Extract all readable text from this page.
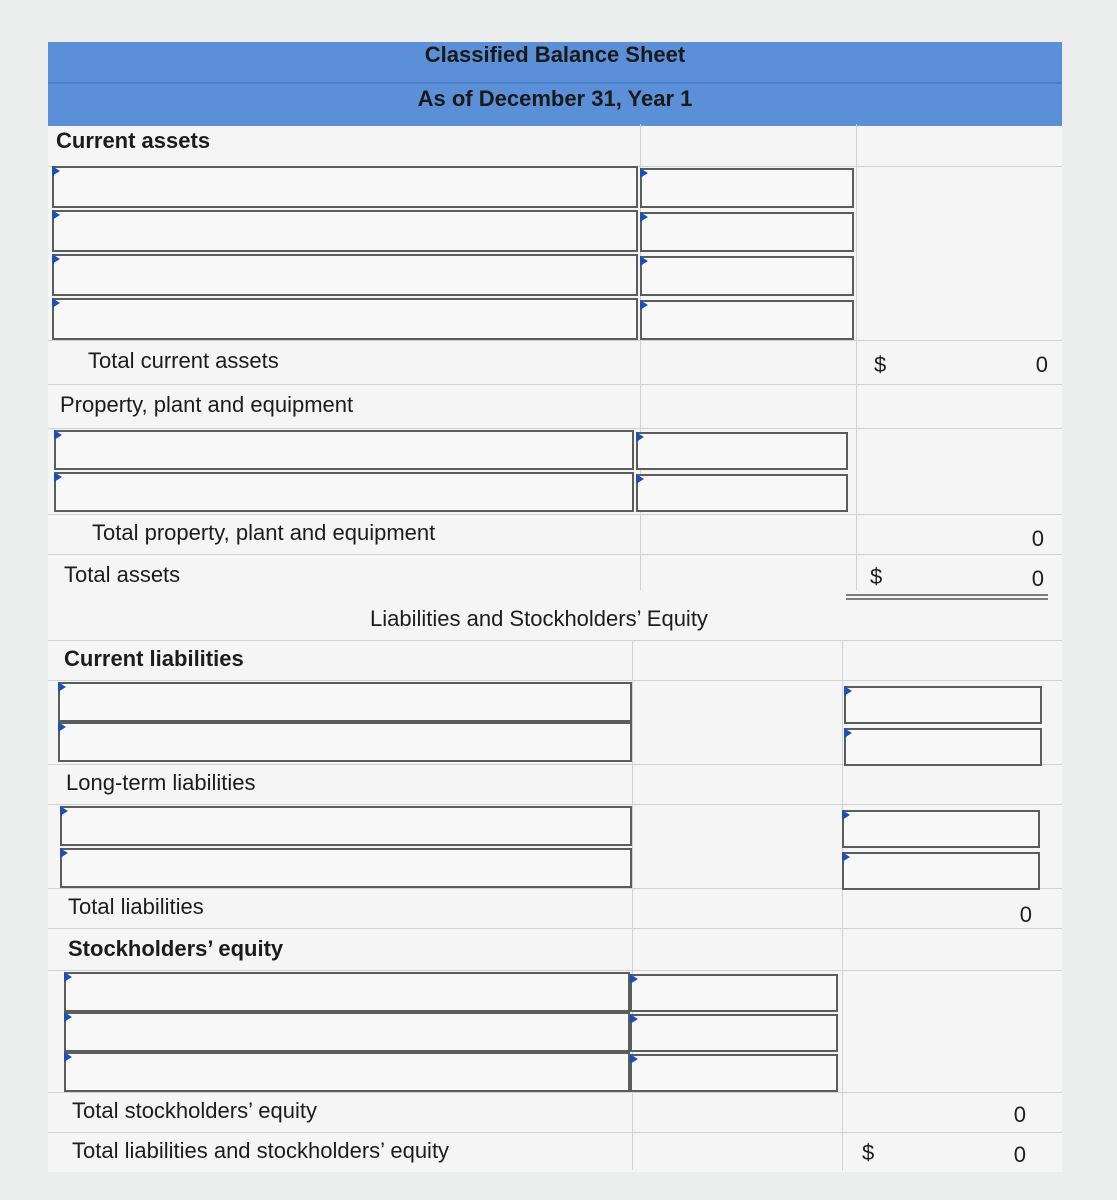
Classified Balance Sheet
As of December 31, Year 1
Current assets
Total current assets	$	0
Property, plant and equipment
Total property, plant and equipment	0
Total assets	$	0
Liabilities and Stockholders’ Equity
Current liabilities
Long-term liabilities
Total liabilities	0
Stockholders’ equity
Total stockholders’ equity	0
Total liabilities and stockholders’ equity	$	0
